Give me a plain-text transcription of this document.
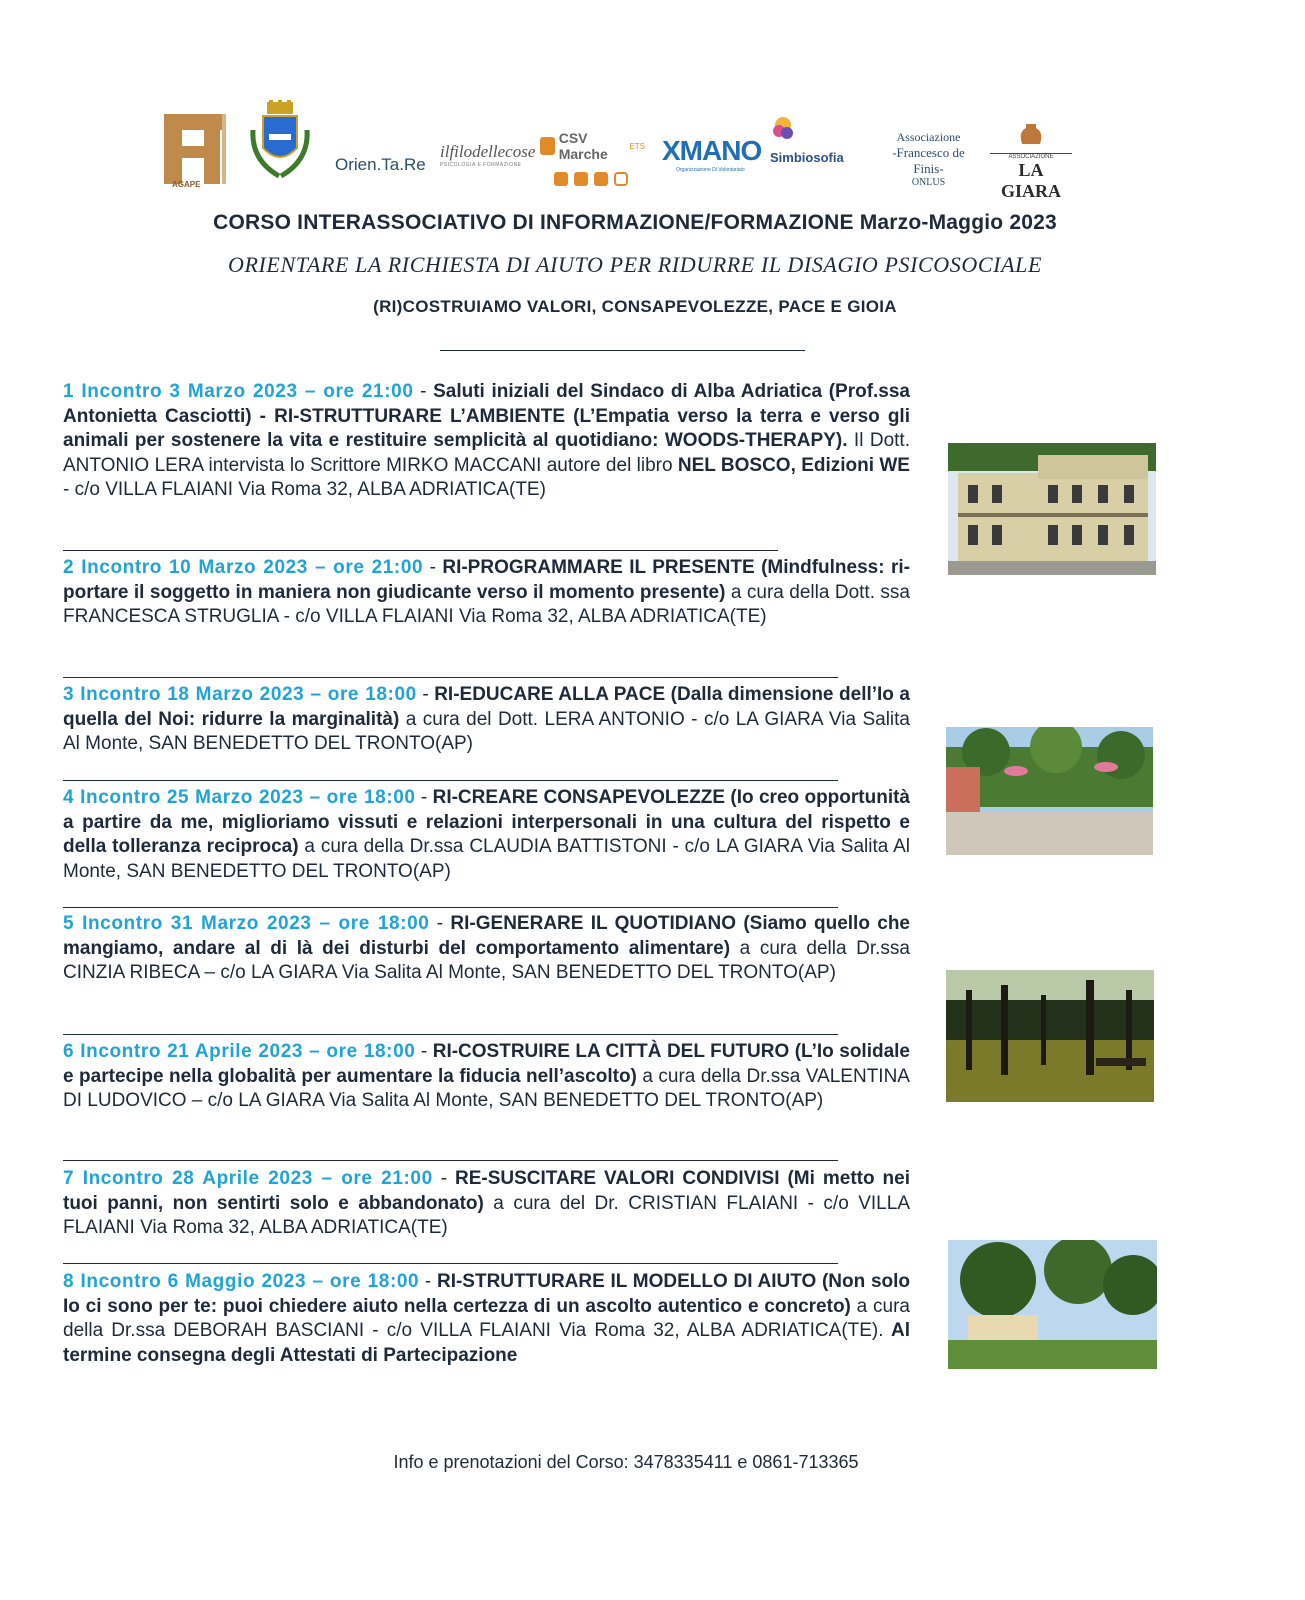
AGAPE
Orien.Ta.Re
ilfilodellecose
PSICOLOGIA E FORMAZIONE
CSV Marche	ETS XMANO
Organizzazione Di Volontariato
Simbiosofia
Associazione
-Francesco de Finis-
ONLUS
ASSOCIAZIONE
LA GIARA
CORSO INTERASSOCIATIVO DI INFORMAZIONE/FORMAZIONE Marzo-Maggio 2023
ORIENTARE LA RICHIESTA DI AIUTO PER RIDURRE IL DISAGIO PSICOSOCIALE
(RI)COSTRUIAMO VALORI, CONSAPEVOLEZZE, PACE E GIOIA
1 Incontro 3 Marzo 2023 – ore 21:00 - Saluti iniziali del Sindaco di Alba Adriatica (Prof.ssa Antonietta Casciotti) - RI-STRUTTURARE L’AMBIENTE (L’Empatia verso la terra e verso gli animali per sostenere la vita e restituire semplicità al quotidiano: WOODS-THERAPY). Il Dott. ANTONIO LERA intervista lo Scrittore MIRKO MACCANI autore del libro NEL BOSCO, Edizioni WE - c/o VILLA FLAIANI Via Roma 32, ALBA ADRIATICA(TE)
2 Incontro 10 Marzo 2023 – ore 21:00 - RI-PROGRAMMARE IL PRESENTE (Mindfulness: ri-portare il soggetto in maniera non giudicante verso il momento presente) a cura della Dott. ssa FRANCESCA STRUGLIA - c/o VILLA FLAIANI Via Roma 32, ALBA ADRIATICA(TE)
3 Incontro 18 Marzo 2023 – ore 18:00 - RI-EDUCARE ALLA PACE (Dalla dimensione dell’Io a quella del Noi: ridurre la marginalità) a cura del Dott. LERA ANTONIO - c/o LA GIARA Via Salita Al Monte, SAN BENEDETTO DEL TRONTO(AP)
4 Incontro 25 Marzo 2023 – ore 18:00 - RI-CREARE CONSAPEVOLEZZE (Io creo opportunità a partire da me, miglioriamo vissuti e relazioni interpersonali in una cultura del rispetto e della tolleranza reciproca) a cura della Dr.ssa CLAUDIA BATTISTONI - c/o LA GIARA Via Salita Al Monte, SAN BENEDETTO DEL TRONTO(AP)
5 Incontro 31 Marzo 2023 – ore 18:00 - RI-GENERARE IL QUOTIDIANO (Siamo quello che mangiamo, andare al di là dei disturbi del comportamento alimentare) a cura della Dr.ssa CINZIA RIBECA – c/o LA GIARA Via Salita Al Monte, SAN BENEDETTO DEL TRONTO(AP)
6 Incontro 21 Aprile 2023 – ore 18:00 - RI-COSTRUIRE LA CITTÀ DEL FUTURO (L’Io solidale e partecipe nella globalità per aumentare la fiducia nell’ascolto) a cura della Dr.ssa VALENTINA DI LUDOVICO – c/o LA GIARA Via Salita Al Monte, SAN BENEDETTO DEL TRONTO(AP)
7 Incontro 28 Aprile 2023 – ore 21:00 - RE-SUSCITARE VALORI CONDIVISI (Mi metto nei tuoi panni, non sentirti solo e abbandonato) a cura del Dr. CRISTIAN FLAIANI - c/o VILLA FLAIANI Via Roma 32, ALBA ADRIATICA(TE)
8 Incontro 6 Maggio 2023 – ore 18:00 - RI-STRUTTURARE IL MODELLO DI AIUTO (Non solo Io ci sono per te: puoi chiedere aiuto nella certezza di un ascolto autentico e concreto) a cura della Dr.ssa DEBORAH BASCIANI - c/o VILLA FLAIANI Via Roma 32, ALBA ADRIATICA(TE). Al termine consegna degli Attestati di Partecipazione
Info e prenotazioni del Corso: 3478335411 e 0861-713365
